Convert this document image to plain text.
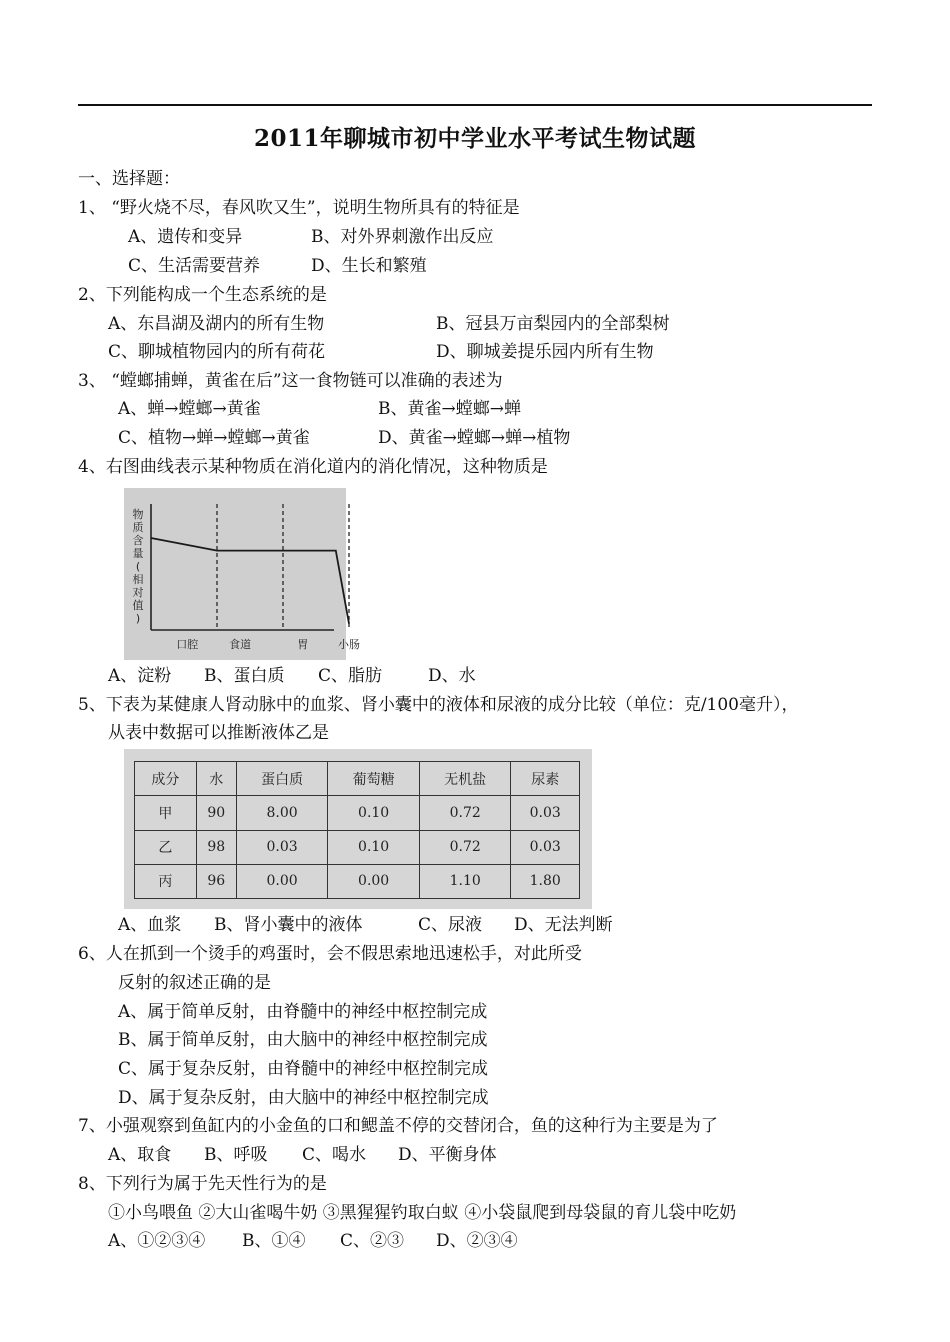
2011年聊城市初中学业水平考试生物试题
一、选择题：
1、 “野火烧不尽，春风吹又生”，说明生物所具有的特征是
A、遗传和变异	B、对外界刺激作出反应
C、生活需要营养	D、生长和繁殖
2、下列能构成一个生态系统的是
A、东昌湖及湖内的所有生物	B、冠县万亩梨园内的全部梨树
C、聊城植物园内的所有荷花	D、聊城姜提乐园内所有生物
3、 “螳螂捕蝉，黄雀在后”这一食物链可以准确的表述为
A、蝉→螳螂→黄雀	B、黄雀→螳螂→蝉
C、植物→蝉→螳螂→黄雀	D、黄雀→螳螂→蝉→植物
4、右图曲线表示某种物质在消化道内的消化情况，这种物质是
物
质
含
量
(
相
对
值
)
口腔	食道	胃	小肠
A、淀粉 B、蛋白质 C、脂肪	D、水
5、下表为某健康人肾动脉中的血浆、肾小囊中的液体和尿液的成分比较（单位：克/100毫升），
从表中数据可以推断液体乙是
成分	水	蛋白质	葡萄糖	无机盐	尿素
甲	90	8.00	0.10	0.72	0.03
乙	98	0.03	0.10	0.72	0.03
丙	96	0.00	0.00	1.10	1.80
A、血浆 B、肾小囊中的液体	C、尿液 D、无法判断
6、人在抓到一个烫手的鸡蛋时，会不假思索地迅速松手，对此所受
反射的叙述正确的是
A、属于简单反射，由脊髓中的神经中枢控制完成
B、属于简单反射，由大脑中的神经中枢控制完成
C、属于复杂反射，由脊髓中的神经中枢控制完成
D、属于复杂反射，由大脑中的神经中枢控制完成
7、小强观察到鱼缸内的小金鱼的口和鳃盖不停的交替闭合，鱼的这种行为主要是为了
A、取食 B、呼吸 C、喝水 D、平衡身体
8、下列行为属于先天性行为的是
①小鸟喂鱼 ②大山雀喝牛奶 ③黑猩猩钓取白蚁 ④小袋鼠爬到母袋鼠的育儿袋中吃奶
A、①②③④ B、①④ C、②③ D、②③④
